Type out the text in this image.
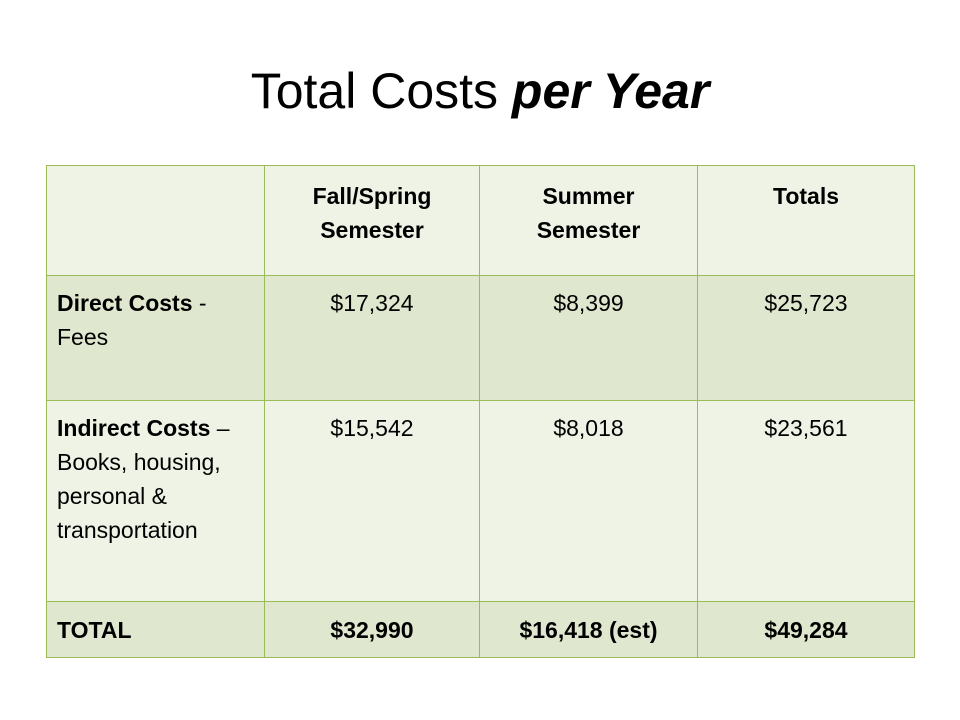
Total Costs per Year
	Fall/Spring Semester	Summer Semester	Totals
Direct Costs - Fees	$17,324	$8,399	$25,723
Indirect Costs – Books, housing, personal & transportation	$15,542	$8,018	$23,561
TOTAL	$32,990	$16,418 (est)	$49,284
